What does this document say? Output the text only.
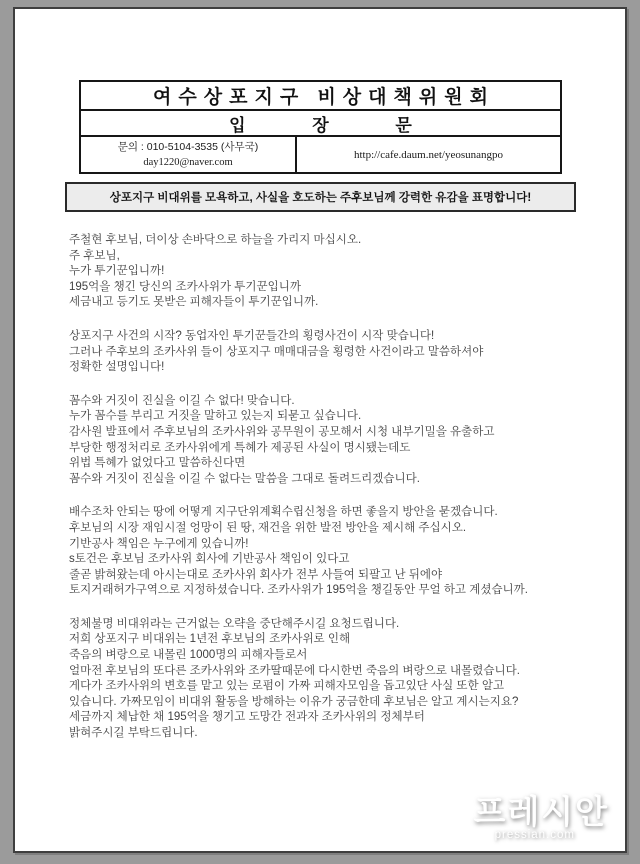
여수상포지구 비상대책위원회
입 장 문
문의 : 010-5104-3535 (사무국)
day1220@naver.com
http://cafe.daum.net/yeosunangpo
상포지구 비대위를 모욕하고, 사실을 호도하는 주후보님께 강력한 유감을 표명합니다!
주철현 후보님, 더이상 손바닥으로 하늘을 가리지 마십시오.
주 후보님,
누가 투기꾼입니까!
195억을 챙긴 당신의 조카사위가 투기꾼입니까
세금내고 등기도 못받은 피해자들이 투기꾼입니까.
상포지구 사건의 시작? 동업자인 투기꾼들간의 횡령사건이 시작 맞습니다!
그러나 주후보의 조카사위 들이 상포지구 매매대금을 횡령한 사건이라고 말씀하셔야
정확한 설명입니다!
꼼수와 거짓이 진실을 이길 수 없다! 맞습니다.
누가 꼼수를 부리고 거짓을 말하고 있는지 되묻고 싶습니다.
감사원 발표에서 주후보님의 조카사위와 공무원이 공모해서 시청 내부기밀을 유출하고
부당한 행정처리로 조카사위에게 특혜가 제공된 사실이 명시됐는데도
위법 특혜가 없었다고 말씀하신다면
꼼수와 거짓이 진실을 이길 수 없다는 말씀을 그대로 돌려드리겠습니다.
배수조차 안되는 땅에 어떻게 지구단위계획수립신청을 하면 좋을지 방안을 묻겠습니다.
후보님의 시장 재임시절 엉망이 된 땅, 재건을 위한 발전 방안을 제시해 주십시오.
기반공사 책임은 누구에게 있습니까!
s토건은 후보님 조카사위 회사에 기반공사 책임이 있다고
줄곧 밝혀왔는데 아시는대로 조카사위 회사가 전부 사들여 되팔고 난 뒤에야
토지거래허가구역으로 지정하셨습니다. 조카사위가 195억을 챙길동안 무얼 하고 계셨습니까.
정체불명 비대위라는 근거없는 오략을 중단해주시길 요청드립니다.
저희 상포지구 비대위는 1년전 후보님의 조카사위로 인해
죽음의 벼랑으로 내몰린 1000명의 피해자들로서
얼마전 후보님의 또다른 조카사위와 조카딸때문에 다시한번 죽음의 벼랑으로 내몰렸습니다.
게다가 조카사위의 변호를 맡고 있는 로펌이 가짜 피해자모임을 돕고있단 사실 또한 알고
있습니다. 가짜모임이 비대위 활동을 방해하는 이유가 궁금한데 후보님은 알고 계시는지요?
세금까지 체납한 채 195억을 챙기고 도망간 전과자 조카사위의 정체부터
밝혀주시길 부탁드립니다.
프레시안
pressian.com
